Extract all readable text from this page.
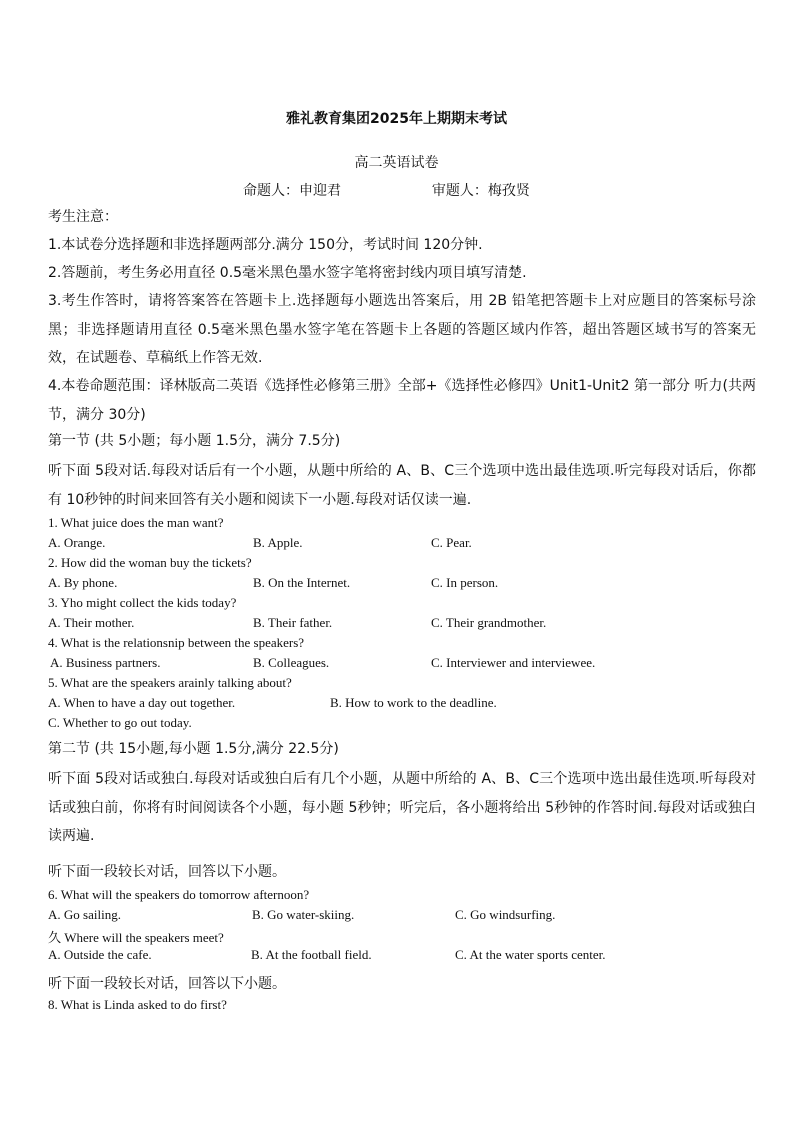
雅礼教育集团2025年上期期末考试
高二英语试卷
命题人：申迎君	审题人：梅孜贤
考生注意：
1.本试卷分选择题和非选择题两部分.满分 150分，考试时间 120分钟.
2.答题前，考生务必用直径 0.5毫米黑色墨水签字笔将密封线内项目填写清楚.
3.考生作答时，请将答案答在答题卡上.选择题每小题选出答案后，用 2B 铅笔把答题卡上对应题目的答案标号涂黑；非选择题请用直径 0.5毫米黑色墨水签字笔在答题卡上各题的答题区域内作答，超出答题区域书写的答案无效，在试题卷、草稿纸上作答无效.
4.本卷命题范围：译林版高二英语《选择性必修第三册》全部+《选择性必修四》Unit1-Unit2 第一部分 听力(共两节，满分 30分)
第一节 (共 5小题；每小题 1.5分，满分 7.5分)
听下面 5段对话.每段对话后有一个小题，从题中所给的 A、B、C三个选项中选出最佳选项.听完每段对话后，你都有 10秒钟的时间来回答有关小题和阅读下一小题.每段对话仅读一遍.
1. What juice does the man want?
A. Orange.	B. Apple.	C. Pear.
2. How did the woman buy the tickets?
A. By phone.	B. On the Internet.	C. In person.
3. Yho might collect the kids today?
A. Their mother.	B. Their father.	C. Their grandmother.
4. What is the relationsnip between the speakers?
A. Business partners.	B. Colleagues.	C. Interviewer and interviewee.
5. What are the speakers arainly talking about?
A. When to have a day out together.	B. How to work to the deadline.
C. Whether to go out today.
第二节 (共 15小题,每小题 1.5分,满分 22.5分)
听下面 5段对话或独白.每段对话或独白后有几个小题，从题中所给的 A、B、C三个选项中选出最佳选项.听每段对话或独白前，你将有时间阅读各个小题，每小题 5秒钟；听完后，各小题将给出 5秒钟的作答时间.每段对话或独白读两遍.
听下面一段较长对话，回答以下小题。
6. What will the speakers do tomorrow afternoon?
A. Go sailing.	B. Go water-skiing.	C. Go windsurfing.
久 Where will the speakers meet?
A. Outside the cafe.	B. At the football field.	C. At the water sports center.
听下面一段较长对话，回答以下小题。
8. What is Linda asked to do first?
